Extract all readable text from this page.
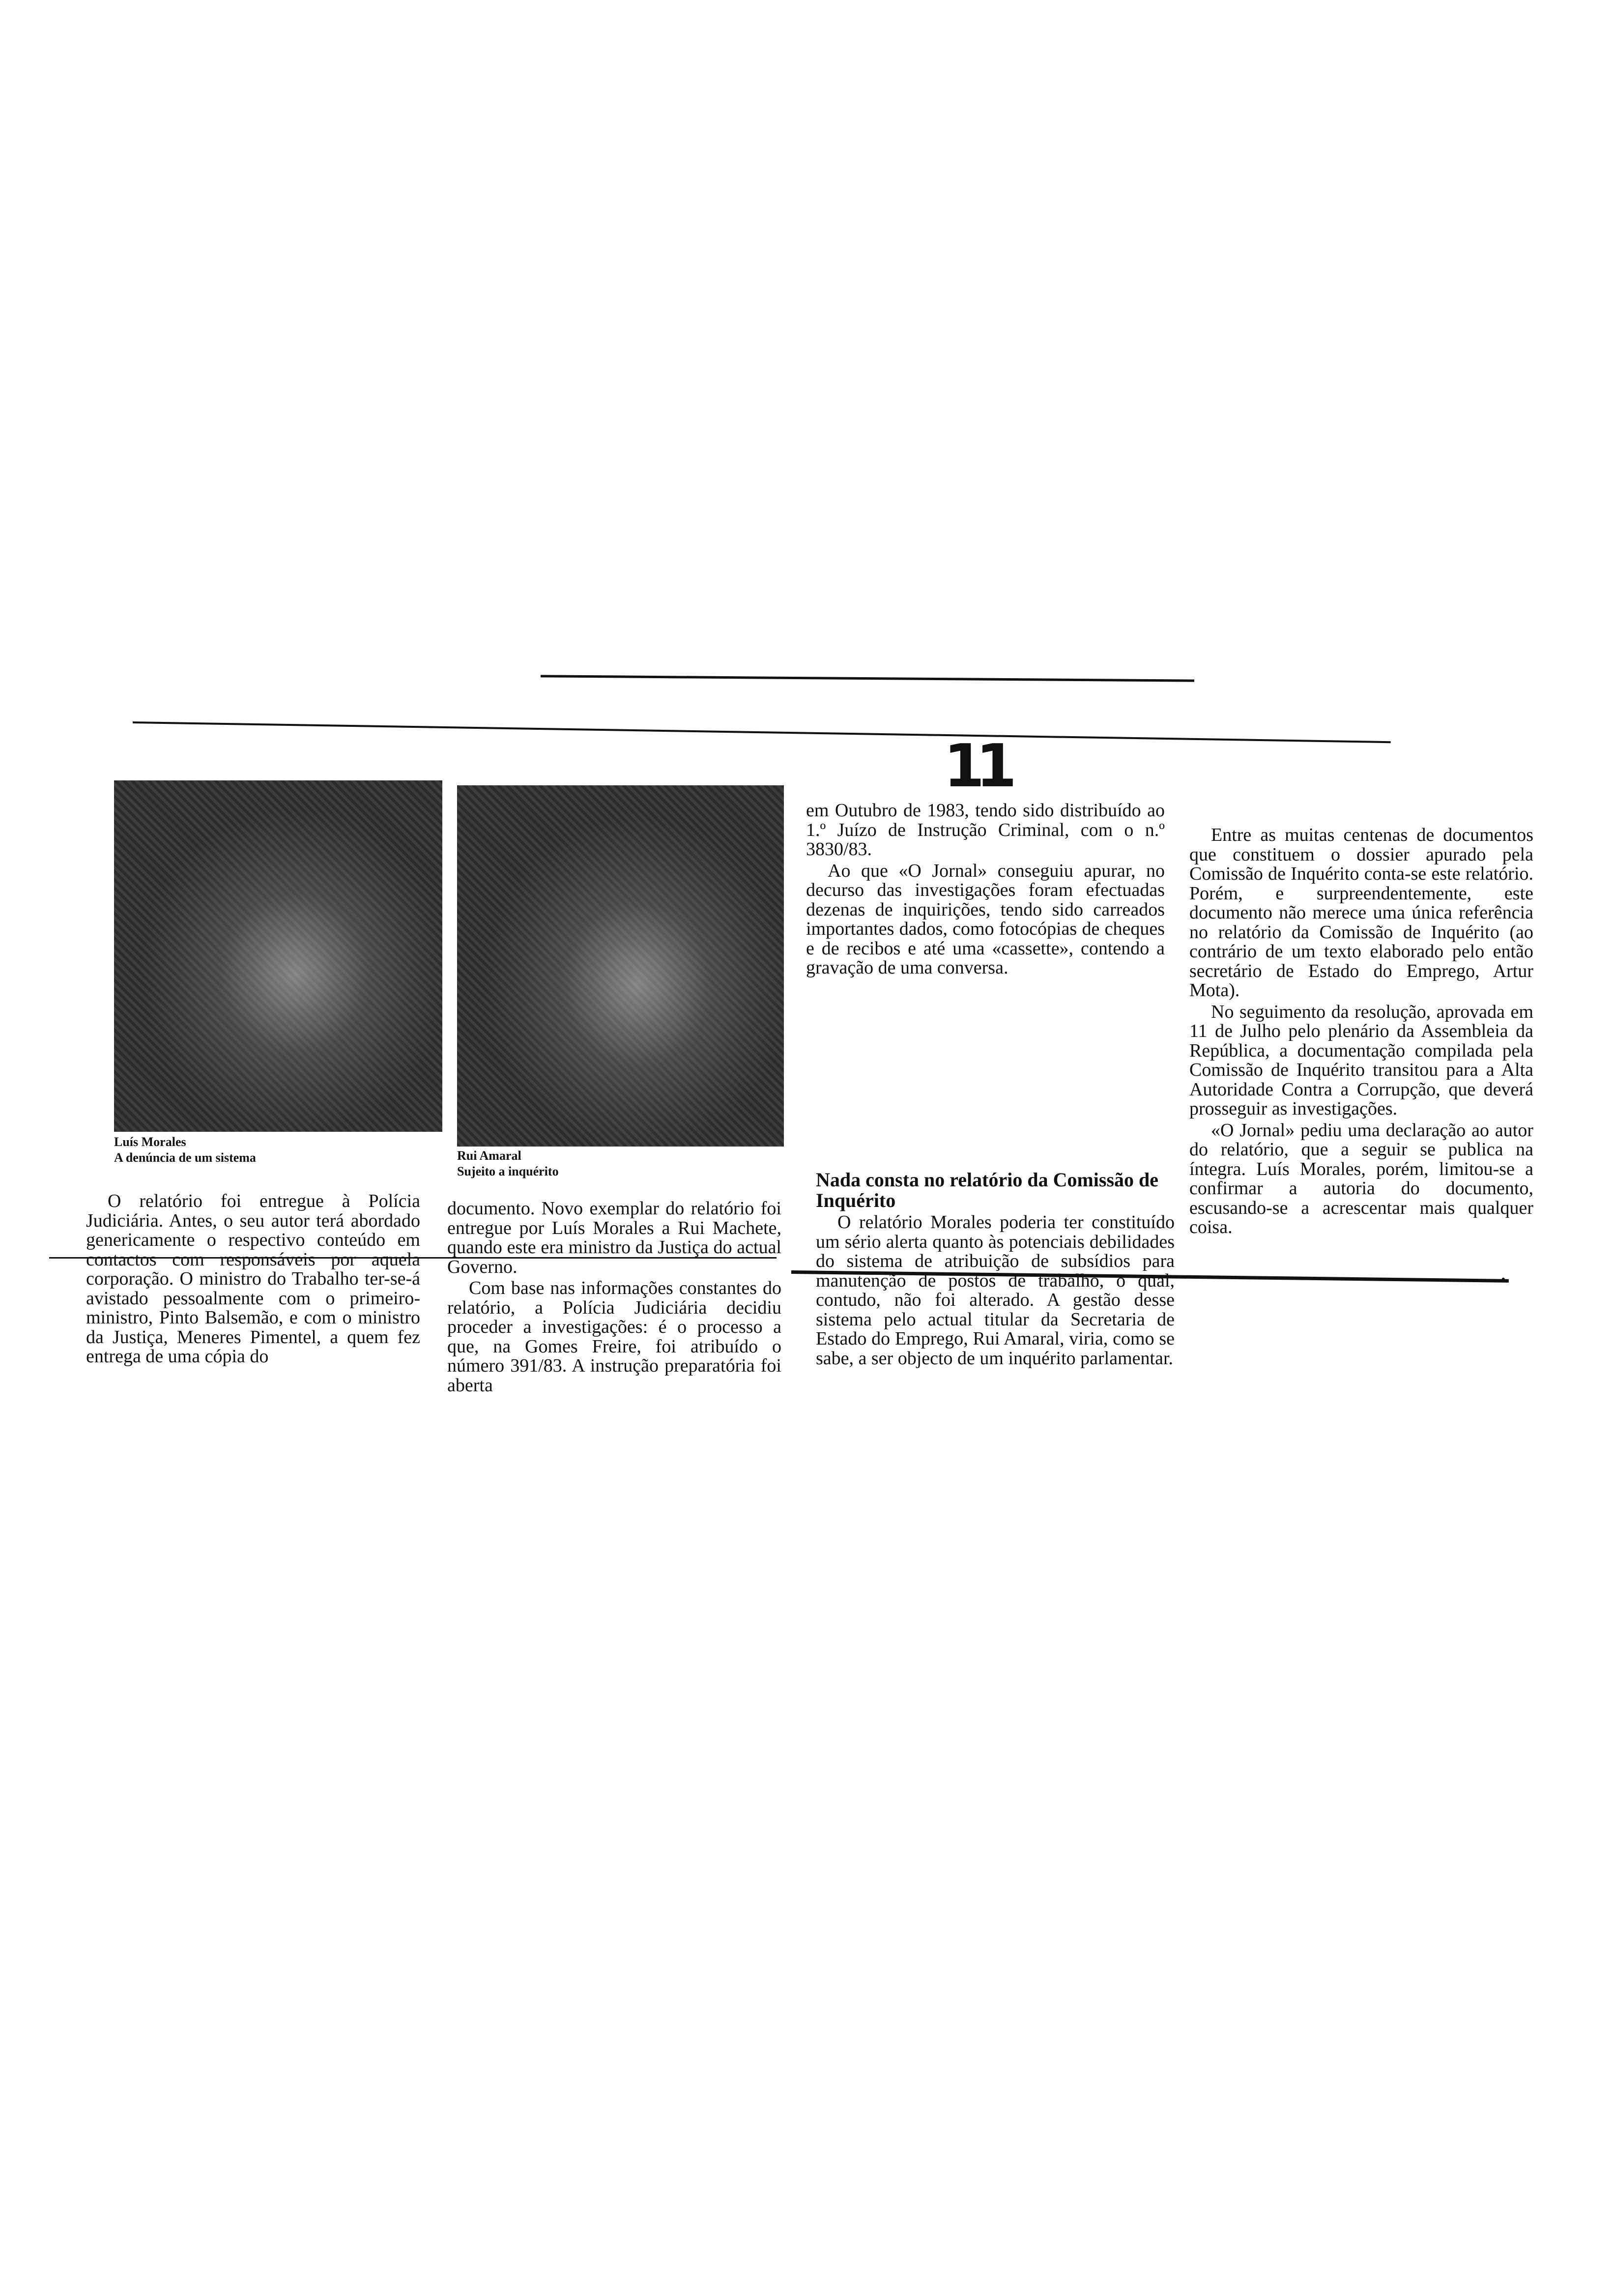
11
Luís Morales
A denúncia de um sistema	Rui Amaral
Sujeito a inquérito

O relatório foi entregue à Polícia Judiciária. Antes, o seu autor terá abordado genericamente o respectivo conteúdo em contactos com responsáveis por aquela corporação. O ministro do Trabalho ter-se-á avistado pessoalmente com o primeiro-ministro, Pinto Balsemão, e com o ministro da Justiça, Meneres Pimentel, a quem fez entrega de uma cópia do

documento. Novo exemplar do relatório foi entregue por Luís Morales a Rui Machete, quando este era ministro da Justiça do actual Governo.

Com base nas informações constantes do relatório, a Polícia Judiciária decidiu proceder a investigações: é o processo a que, na Gomes Freire, foi atribuído o número 391/83. A instrução preparatória foi aberta

em Outubro de 1983, tendo sido distribuído ao 1.º Juízo de Instrução Criminal, com o n.º 3830/83.

Ao que «O Jornal» conseguiu apurar, no decurso das investigações foram efectuadas dezenas de inquirições, tendo sido carreados importantes dados, como fotocópias de cheques e de recibos e até uma «cassette», contendo a gravação de uma conversa.

Nada consta no relatório da Comissão de Inquérito

O relatório Morales poderia ter constituído um sério alerta quanto às potenciais debilidades do sistema de atribuição de subsídios para manutenção de postos de trabalho, o qual, contudo, não foi alterado. A gestão desse sistema pelo actual titular da Secretaria de Estado do Emprego, Rui Amaral, viria, como se sabe, a ser objecto de um inquérito parlamentar.

Entre as muitas centenas de documentos que constituem o dossier apurado pela Comissão de Inquérito conta-se este relatório. Porém, e surpreendentemente, este documento não merece uma única referência no relatório da Comissão de Inquérito (ao contrário de um texto elaborado pelo então secretário de Estado do Emprego, Artur Mota).

No seguimento da resolução, aprovada em 11 de Julho pelo plenário da Assembleia da República, a documentação compilada pela Comissão de Inquérito transitou para a Alta Autoridade Contra a Corrupção, que deverá prosseguir as investigações.

«O Jornal» pediu uma declaração ao autor do relatório, que a seguir se publica na íntegra. Luís Morales, porém, limitou-se a confirmar a autoria do documento, escusando-se a acrescentar mais qualquer coisa.

•
